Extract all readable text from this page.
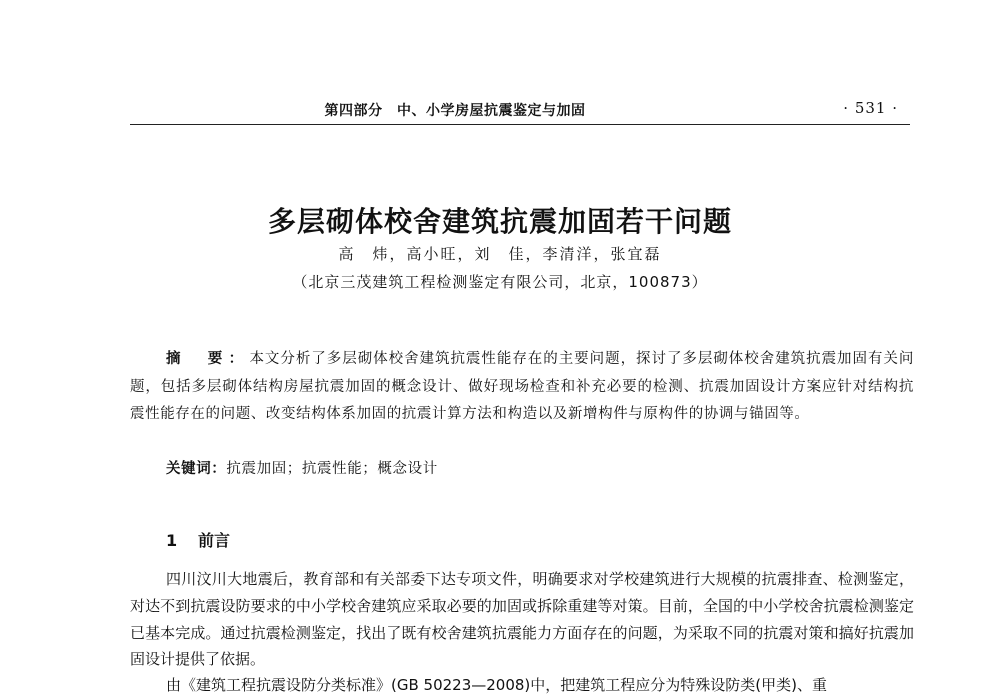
第四部分　中、小学房屋抗震鉴定与加固	· 531 ·
多层砌体校舍建筑抗震加固若干问题
高　炜，高小旺，刘　佳，李清洋，张宜磊
（北京三茂建筑工程检测鉴定有限公司，北京，100873）

摘　要：本文分析了多层砌体校舍建筑抗震性能存在的主要问题，探讨了多层砌体校舍建筑抗震加固有关问题，包括多层砌体结构房屋抗震加固的概念设计、做好现场检查和补充必要的检测、抗震加固设计方案应针对结构抗震性能存在的问题、改变结构体系加固的抗震计算方法和构造以及新增构件与原构件的协调与锚固等。

关键词：抗震加固；抗震性能；概念设计
1 前言

四川汶川大地震后，教育部和有关部委下达专项文件，明确要求对学校建筑进行大规模的抗震排查、检测鉴定，对达不到抗震设防要求的中小学校舍建筑应采取必要的加固或拆除重建等对策。目前，全国的中小学校舍抗震检测鉴定已基本完成。通过抗震检测鉴定，找出了既有校舍建筑抗震能力方面存在的问题，为采取不同的抗震对策和搞好抗震加固设计提供了依据。

由《建筑工程抗震设防分类标准》(GB 50223—2008)中，把建筑工程应分为特殊设防类(甲类)、重
